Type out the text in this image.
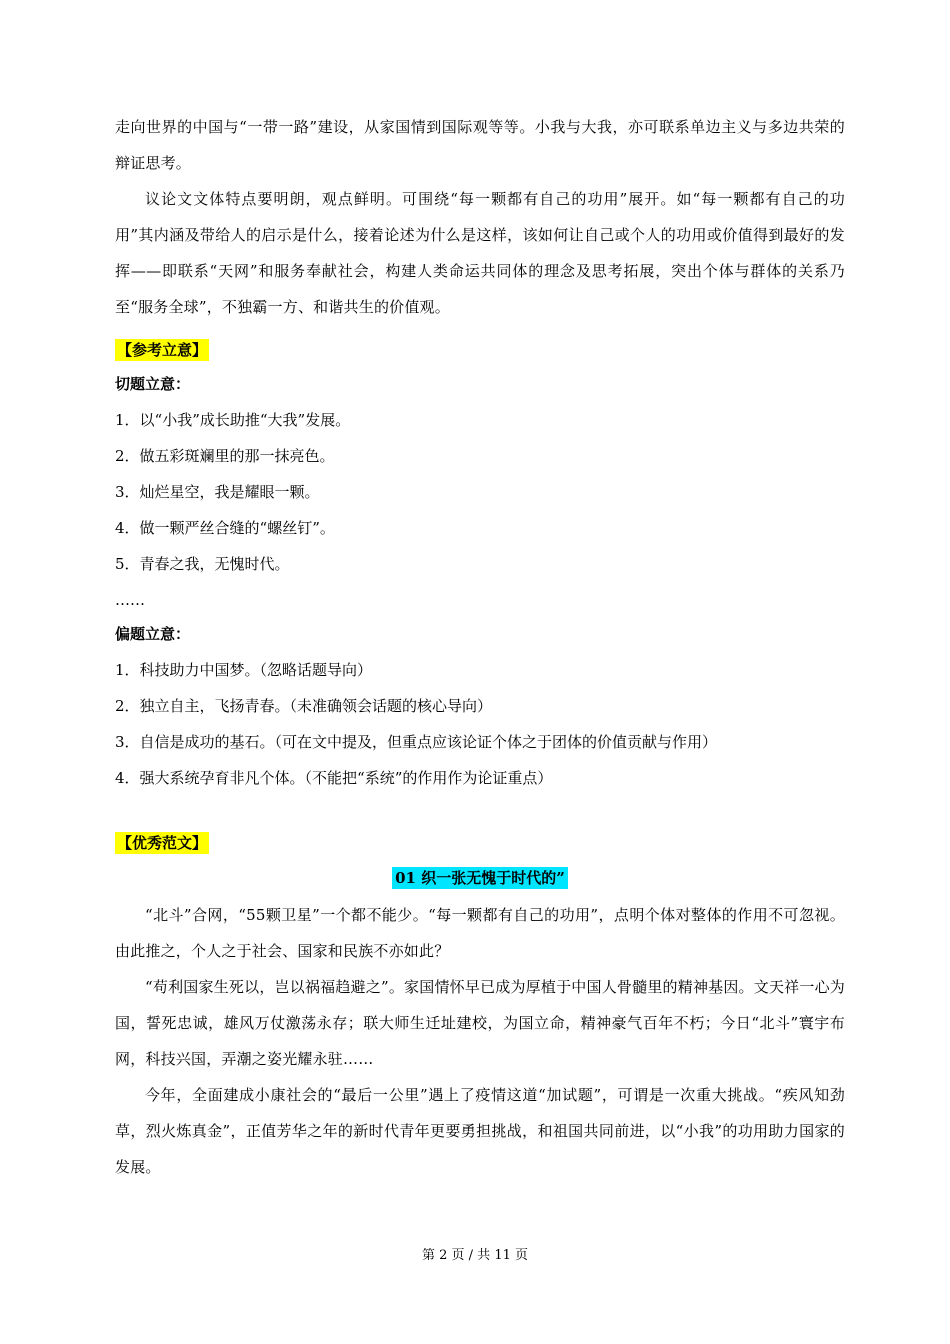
走向世界的中国与“一带一路”建设，从家国情到国际观等等。小我与大我，亦可联系单边主义与多边共荣的辩证思考。

议论文文体特点要明朗，观点鲜明。可围绕“每一颗都有自己的功用”展开。如“每一颗都有自己的功用”其内涵及带给人的启示是什么，接着论述为什么是这样，该如何让自己或个人的功用或价值得到最好的发挥——即联系“天网”和服务奉献社会，构建人类命运共同体的理念及思考拓展，突出个体与群体的关系乃至“服务全球”，不独霸一方、和谐共生的价值观。

【参考立意】
切题立意：
1．以“小我”成长助推“大我”发展。
2．做五彩斑斓里的那一抹亮色。
3．灿烂星空，我是耀眼一颗。
4．做一颗严丝合缝的“螺丝钉”。
5．青春之我，无愧时代。
……
偏题立意：
1．科技助力中国梦。（忽略话题导向）
2．独立自主，飞扬青春。（未准确领会话题的核心导向）
3．自信是成功的基石。（可在文中提及，但重点应该论证个体之于团体的价值贡献与作用）
4．强大系统孕育非凡个体。（不能把“系统”的作用作为论证重点）
【优秀范文】
01 织一张无愧于时代的”

“北斗”合网，“55颗卫星”一个都不能少。“每一颗都有自己的功用”，点明个体对整体的作用不可忽视。由此推之，个人之于社会、国家和民族不亦如此？

“苟利国家生死以，岂以祸福趋避之”。家国情怀早已成为厚植于中国人骨髓里的精神基因。文天祥一心为国，誓死忠诚，雄风万仗激荡永存；联大师生迁址建校，为国立命，精神豪气百年不朽；今日“北斗”寰宇布网，科技兴国，弄潮之姿光耀永驻……

今年，全面建成小康社会的“最后一公里”遇上了疫情这道“加试题”，可谓是一次重大挑战。“疾风知劲草，烈火炼真金”，正值芳华之年的新时代青年更要勇担挑战，和祖国共同前进，以“小我”的功用助力国家的发展。

第 2 页 / 共 11 页
